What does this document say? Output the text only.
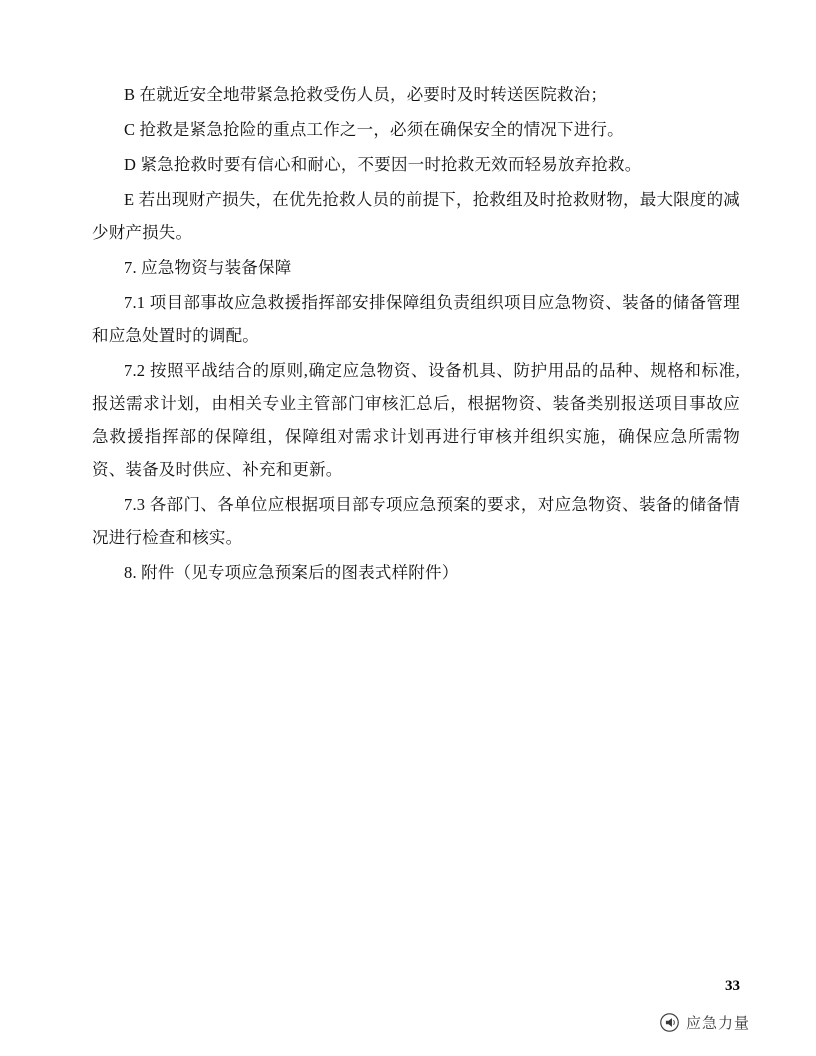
B 在就近安全地带紧急抢救受伤人员，必要时及时转送医院救治；

C 抢救是紧急抢险的重点工作之一，必须在确保安全的情况下进行。

D 紧急抢救时要有信心和耐心，不要因一时抢救无效而轻易放弃抢救。

E 若出现财产损失，在优先抢救人员的前提下，抢救组及时抢救财物，最大限度的减少财产损失。

7. 应急物资与装备保障

7.1 项目部事故应急救援指挥部安排保障组负责组织项目应急物资、装备的储备管理和应急处置时的调配。

7.2 按照平战结合的原则,确定应急物资、设备机具、防护用品的品种、规格和标准,报送需求计划，由相关专业主管部门审核汇总后，根据物资、装备类别报送项目事故应急救援指挥部的保障组，保障组对需求计划再进行审核并组织实施，确保应急所需物资、装备及时供应、补充和更新。

7.3 各部门、各单位应根据项目部专项应急预案的要求，对应急物资、装备的储备情况进行检查和核实。

8. 附件（见专项应急预案后的图表式样附件）

33
应急力量
